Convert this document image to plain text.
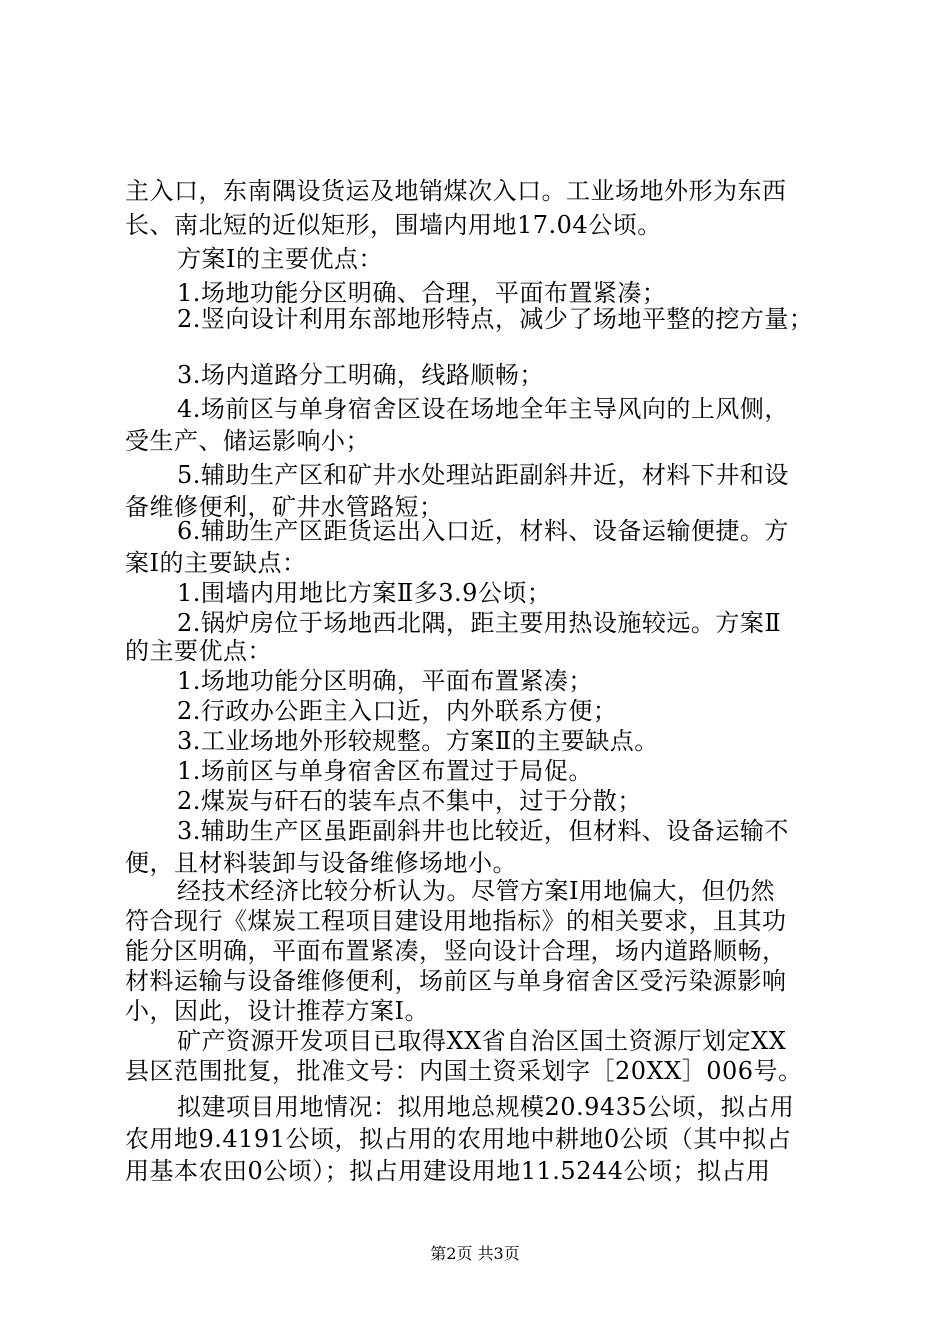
主入口，东南隅设货运及地销煤次入口。工业场地外形为东西
长、南北短的近似矩形，围墙内用地17.04公顷。
方案Ⅰ的主要优点：
1.场地功能分区明确、合理，平面布置紧凑；
2.竖向设计利用东部地形特点，减少了场地平整的挖方量；
3.场内道路分工明确，线路顺畅；
4.场前区与单身宿舍区设在场地全年主导风向的上风侧，
受生产、储运影响小；
5.辅助生产区和矿井水处理站距副斜井近，材料下井和设
备维修便利，矿井水管路短；
6.辅助生产区距货运出入口近，材料、设备运输便捷。方
案Ⅰ的主要缺点：
1.围墙内用地比方案Ⅱ多3.9公顷；
2.锅炉房位于场地西北隅，距主要用热设施较远。方案Ⅱ
的主要优点：
1.场地功能分区明确，平面布置紧凑；
2.行政办公距主入口近，内外联系方便；
3.工业场地外形较规整。方案Ⅱ的主要缺点。
1.场前区与单身宿舍区布置过于局促。
2.煤炭与矸石的装车点不集中，过于分散；
3.辅助生产区虽距副斜井也比较近，但材料、设备运输不
便，且材料装卸与设备维修场地小。
经技术经济比较分析认为。尽管方案Ⅰ用地偏大，但仍然
符合现行《煤炭工程项目建设用地指标》的相关要求，且其功
能分区明确，平面布置紧凑，竖向设计合理，场内道路顺畅，
材料运输与设备维修便利，场前区与单身宿舍区受污染源影响
小，因此，设计推荐方案Ⅰ。
矿产资源开发项目已取得XX省自治区国土资源厅划定XX
县区范围批复，批准文号：内国土资采划字［20XX］006号。
拟建项目用地情况：拟用地总规模20.9435公顷，拟占用
农用地9.4191公顷，拟占用的农用地中耕地0公顷（其中拟占
用基本农田0公顷）；拟占用建设用地11.5244公顷；拟占用
第2页 共3页
